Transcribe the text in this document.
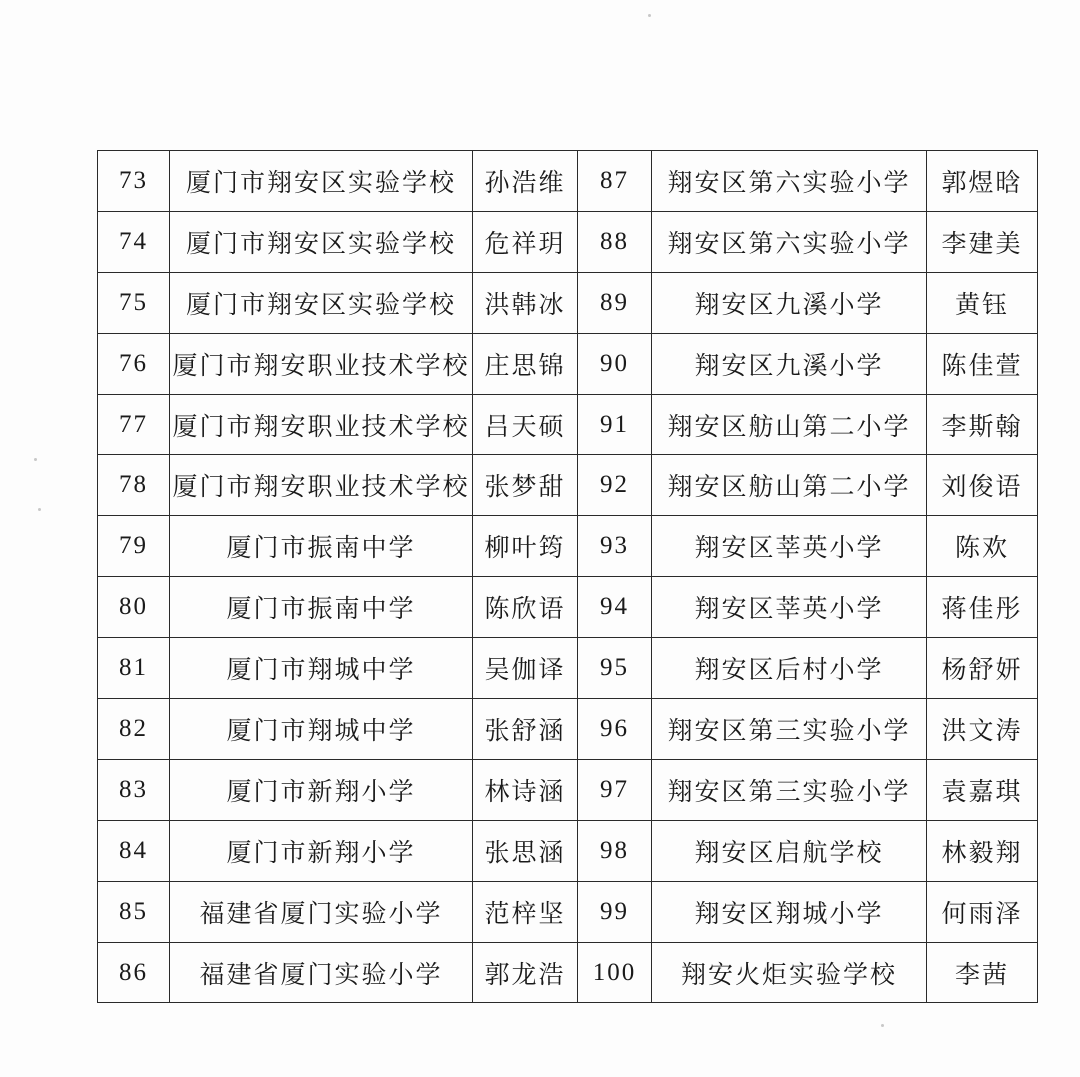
73	厦门市翔安区实验学校	孙浩维	87	翔安区第六实验小学	郭煜晗
74	厦门市翔安区实验学校	危祥玥	88	翔安区第六实验小学	李建美
75	厦门市翔安区实验学校	洪韩冰	89	翔安区九溪小学	黄钰
76	厦门市翔安职业技术学校	庄思锦	90	翔安区九溪小学	陈佳萱
77	厦门市翔安职业技术学校	吕天硕	91	翔安区舫山第二小学	李斯翰
78	厦门市翔安职业技术学校	张梦甜	92	翔安区舫山第二小学	刘俊语
79	厦门市振南中学	柳叶筠	93	翔安区莘英小学	陈欢
80	厦门市振南中学	陈欣语	94	翔安区莘英小学	蒋佳彤
81	厦门市翔城中学	吴伽译	95	翔安区后村小学	杨舒妍
82	厦门市翔城中学	张舒涵	96	翔安区第三实验小学	洪文涛
83	厦门市新翔小学	林诗涵	97	翔安区第三实验小学	袁嘉琪
84	厦门市新翔小学	张思涵	98	翔安区启航学校	林毅翔
85	福建省厦门实验小学	范梓坚	99	翔安区翔城小学	何雨泽
86	福建省厦门实验小学	郭龙浩	100	翔安火炬实验学校	李茜
